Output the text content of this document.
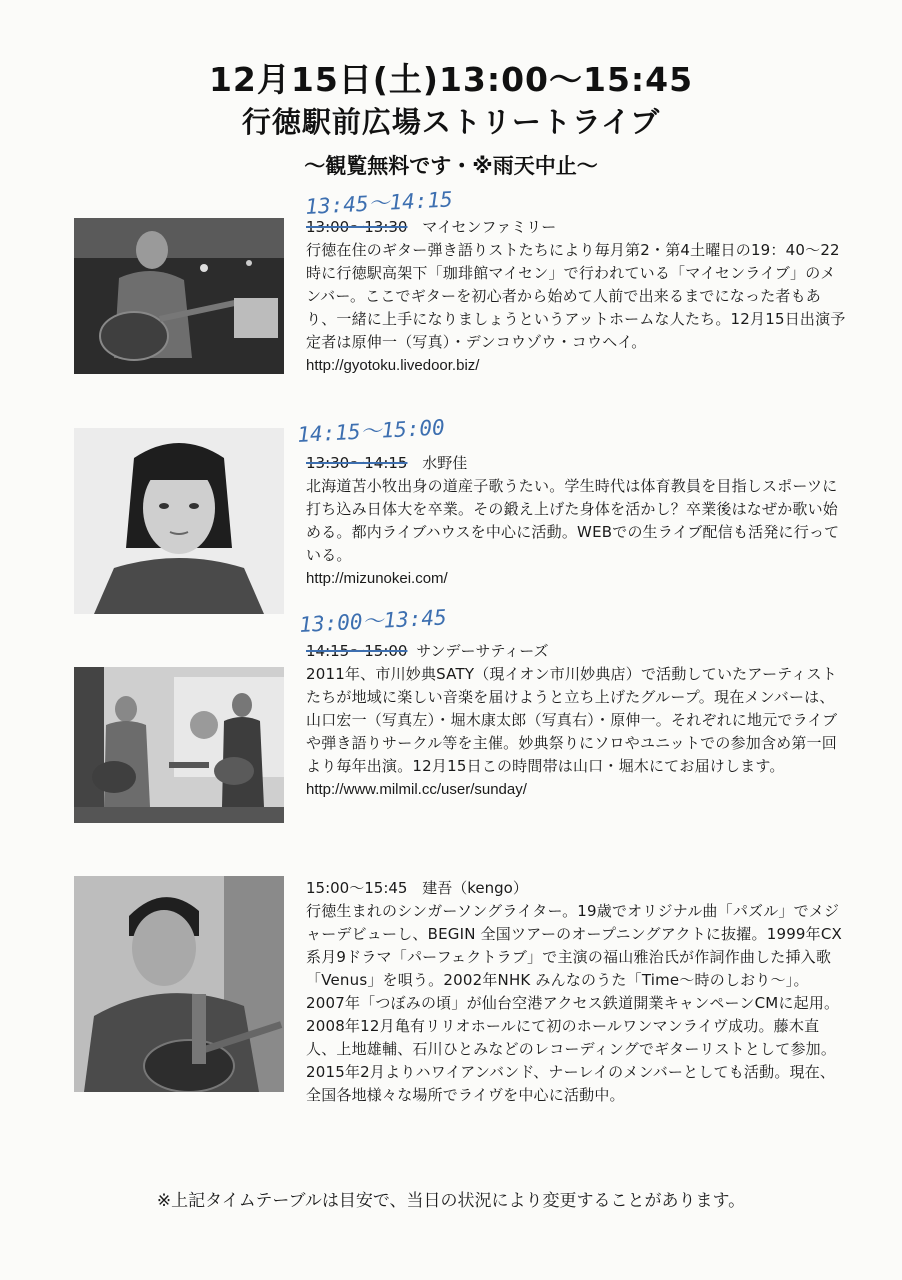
12月15日(土)13:00～15:45
行徳駅前広場ストリートライブ
～観覧無料です・※雨天中止～
13:45～14:15
13:00～13:30 マイセンファミリー

行徳在住のギター弾き語りストたちにより毎月第2・第4土曜日の19：40～22時に行徳駅高架下「珈琲館マイセン」で行われている「マイセンライブ」のメンバー。ここでギターを初心者から始めて人前で出来るまでになった者もあり、一緒に上手になりましょうというアットホームな人たち。12月15日出演予定者は原伸一（写真）・デンコウゾウ・コウヘイ。

http://gyotoku.livedoor.biz/
14:15～15:00
13:30～14:15 水野佳

北海道苫小牧出身の道産子歌うたい。学生時代は体育教員を目指しスポーツに打ち込み日体大を卒業。その鍛え上げた身体を活かし？卒業後はなぜか歌い始める。都内ライブハウスを中心に活動。WEBでの生ライブ配信も活発に行っている。

http://mizunokei.com/
13:00～13:45
14:15～15:00 サンデーサティーズ

2011年、市川妙典SATY（現イオン市川妙典店）で活動していたアーティストたちが地域に楽しい音楽を届けようと立ち上げたグループ。現在メンバーは、山口宏一（写真左）・堀木康太郎（写真右）・原伸一。それぞれに地元でライブや弾き語りサークル等を主催。妙典祭りにソロやユニットでの参加含め第一回より毎年出演。12月15日この時間帯は山口・堀木にてお届けします。

http://www.milmil.cc/user/sunday/
15:00～15:45 建吾（kengo）

行徳生まれのシンガーソングライター。19歳でオリジナル曲「パズル」でメジャーデビューし、BEGIN 全国ツアーのオープニングアクトに抜擢。1999年CX系月9ドラマ「パーフェクトラブ」で主演の福山雅治氏が作詞作曲した挿入歌「Venus」を唄う。2002年NHK みんなのうた「Time～時のしおり～」。2007年「つぼみの頃」が仙台空港アクセス鉄道開業キャンペーンCMに起用。2008年12月亀有リリオホールにて初のホールワンマンライヴ成功。藤木直人、上地雄輔、石川ひとみなどのレコーディングでギターリストとして参加。2015年2月よりハワイアンバンド、ナーレイのメンバーとしても活動。現在、全国各地様々な場所でライヴを中心に活動中。

※上記タイムテーブルは目安で、当日の状況により変更することがあります。
